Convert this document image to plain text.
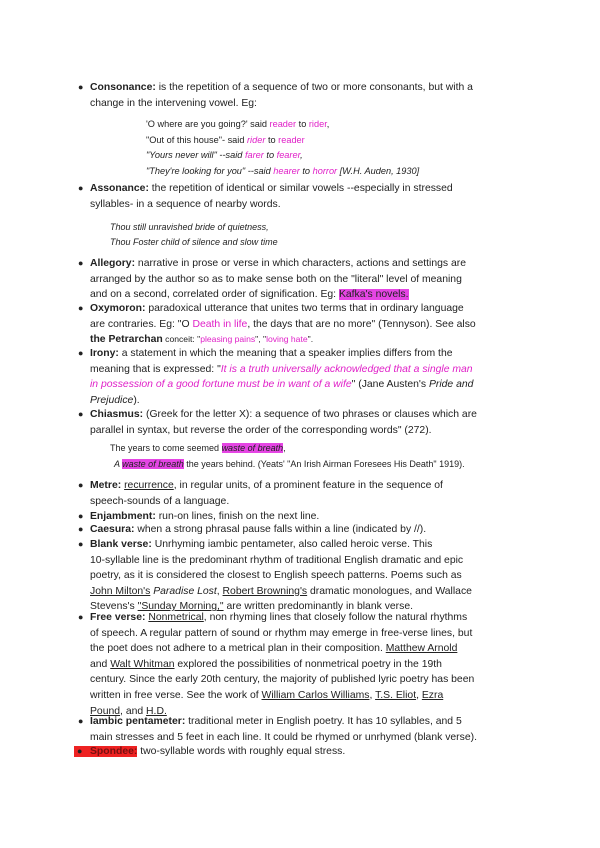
● Consonance: is the repetition of a sequence of two or more consonants, but with a
change in the intervening vowel. Eg:
'O where are you going?' said reader to rider,
"Out of this house"- said rider to reader
"Yours never will" --said farer to fearer,
"They're looking for you" --said hearer to horror [W.H. Auden, 1930]
● Assonance: the repetition of identical or similar vowels --especially in stressed
syllables- in a sequence of nearby words.
Thou still unravished bride of quietness,
Thou Foster child of silence and slow time
● Allegory: narrative in prose or verse in which characters, actions and settings are
arranged by the author so as to make sense both on the "literal" level of meaning
and on a second, correlated order of signification. Eg: Kafka's novels.
● Oxymoron: paradoxical utterance that unites two terms that in ordinary language
are contraries. Eg: "O Death in life, the days that are no more" (Tennyson). See also
the Petrarchan conceit: "pleasing pains", "loving hate".
● Irony: a statement in which the meaning that a speaker implies differs from the
meaning that is expressed: "It is a truth universally acknowledged that a single man
in possession of a good fortune must be in want of a wife" (Jane Austen's Pride and
Prejudice).
● Chiasmus: (Greek for the letter X): a sequence of two phrases or clauses which are
parallel in syntax, but reverse the order of the corresponding words" (272).
The years to come seemed waste of breath,
A waste of breath the years behind. (Yeats' "An Irish Airman Foresees His Death" 1919).
● Metre: recurrence, in regular units, of a prominent feature in the sequence of
speech-sounds of a language.
● Enjambment: run-on lines, finish on the next line.
● Caesura: when a strong phrasal pause falls within a line (indicated by //).
● Blank verse: Unrhyming iambic pentameter, also called heroic verse. This
10-syllable line is the predominant rhythm of traditional English dramatic and epic
poetry, as it is considered the closest to English speech patterns. Poems such as
John Milton's Paradise Lost, Robert Browning's dramatic monologues, and Wallace
Stevens's "Sunday Morning," are written predominantly in blank verse.
● Free verse: Nonmetrical, non rhyming lines that closely follow the natural rhythms
of speech. A regular pattern of sound or rhythm may emerge in free-verse lines, but
the poet does not adhere to a metrical plan in their composition. Matthew Arnold
and Walt Whitman explored the possibilities of nonmetrical poetry in the 19th
century. Since the early 20th century, the majority of published lyric poetry has been
written in free verse. See the work of William Carlos Williams, T.S. Eliot, Ezra
Pound, and H.D.
● Iambic pentameter: traditional meter in English poetry. It has 10 syllables, and 5
main stresses and 5 feet in each line. It could be rhymed or unrhymed (blank verse).
● Spondee: two-syllable words with roughly equal stress.
